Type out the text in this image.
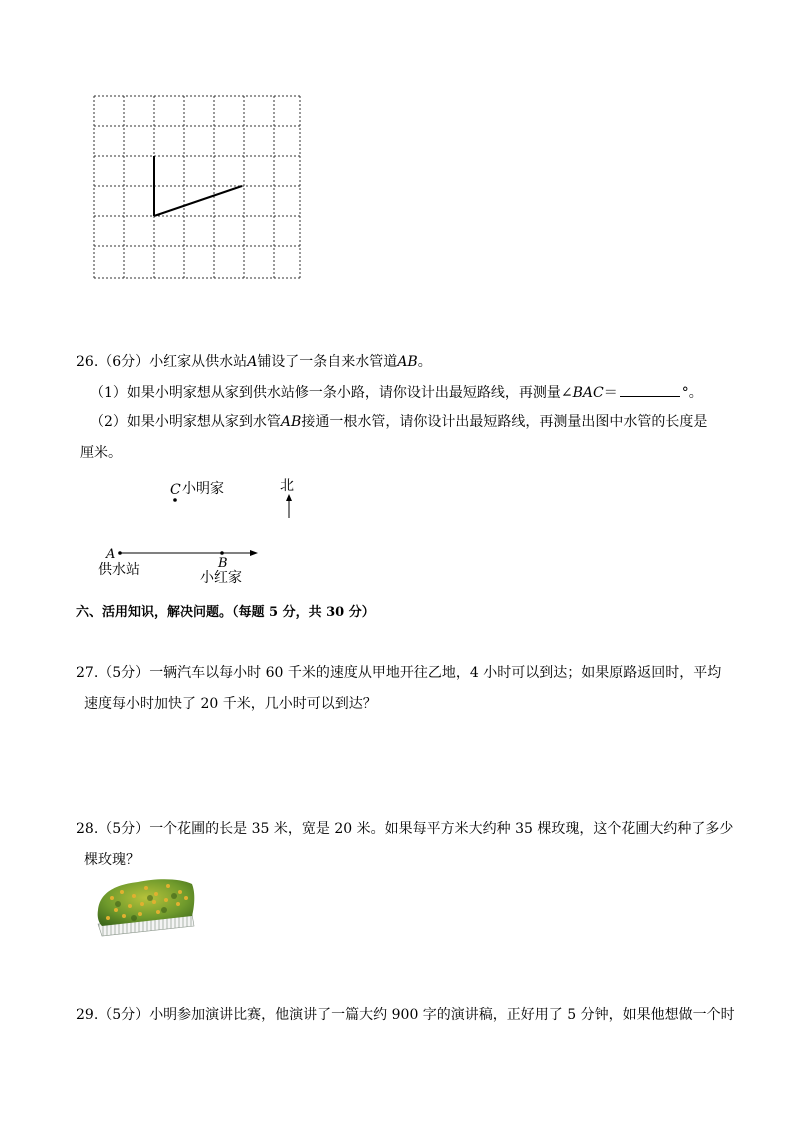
26.（6分）小红家从供水站A铺设了一条自来水管道AB。
（1）如果小明家想从家到供水站修一条小路，请你设计出最短路线，再测量∠BAC＝	°。
（2）如果小明家想从家到水管AB接通一根水管，请你设计出最短路线，再测量出图中水管的长度是
厘米。
C 小明家	北
A
B
供水站	小红家
六、活用知识，解决问题。（每题 5 分，共 30 分）
27.（5分）一辆汽车以每小时 60 千米的速度从甲地开往乙地，4 小时可以到达；如果原路返回时，平均
速度每小时加快了 20 千米，几小时可以到达？
28.（5分）一个花圃的长是 35 米，宽是 20 米。如果每平方米大约种 35 棵玫瑰，这个花圃大约种了多少
棵玫瑰？
29.（5分）小明参加演讲比赛，他演讲了一篇大约 900 字的演讲稿，正好用了 5 分钟，如果他想做一个时
